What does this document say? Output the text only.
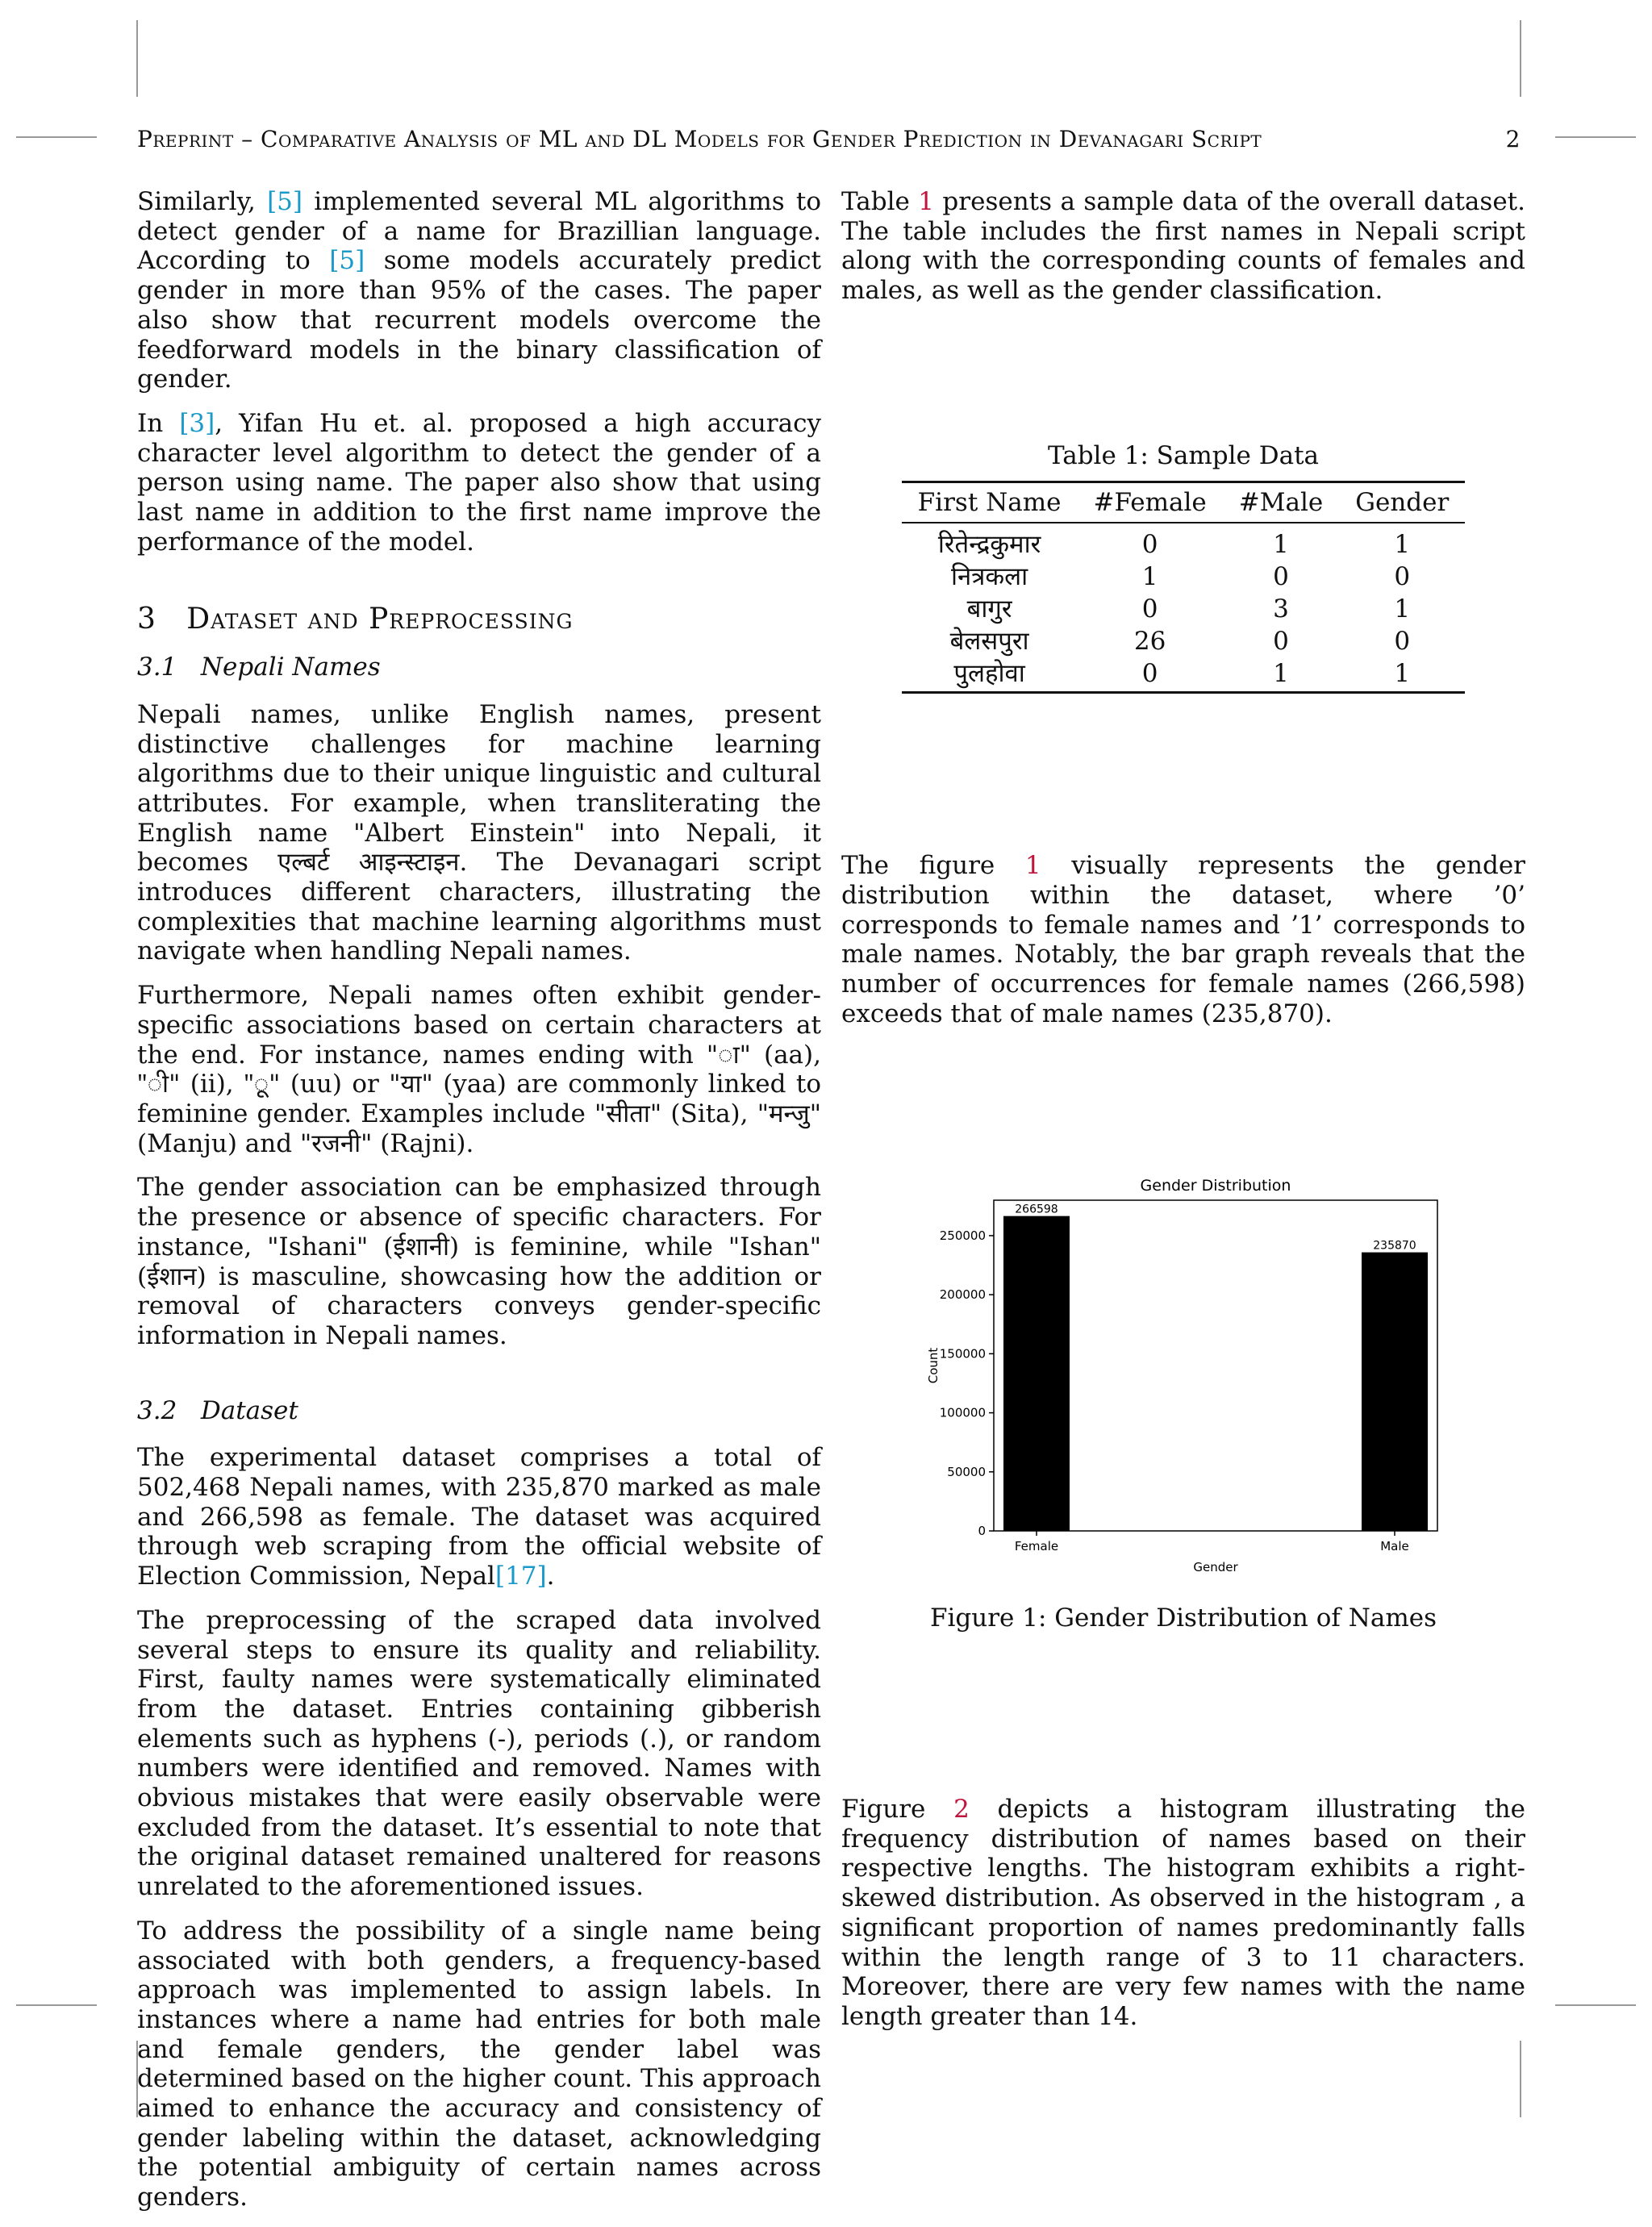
Preprint – Comparative Analysis of ML and DL Models for Gender Prediction in Devanagari Script	2

Similarly, [5] implemented several ML algorithms to detect gender of a name for Brazillian language. According to [5] some models accurately predict gender in more than 95% of the cases. The paper also show that recurrent models overcome the feedforward models in the binary classification of gender.

In [3], Yifan Hu et. al. proposed a high accuracy character level algorithm to detect the gender of a person using name. The paper also show that using last name in addition to the first name improve the performance of the model.

3 Dataset and Preprocessing
3.1 Nepali Names

Nepali names, unlike English names, present distinctive challenges for machine learning algorithms due to their unique linguistic and cultural attributes. For example, when transliterating the English name "Albert Einstein" into Nepali, it becomes एल्बर्ट आइन्स्टाइन. The Devanagari script introduces different characters, illustrating the complexities that machine learning algorithms must navigate when handling Nepali names.

Furthermore, Nepali names often exhibit gender-specific associations based on certain characters at the end. For instance, names ending with "ा" (aa), "ी" (ii), "ू" (uu) or "या" (yaa) are commonly linked to feminine gender. Examples include "सीता" (Sita), "मन्जु" (Manju) and "रजनी" (Rajni).

The gender association can be emphasized through the presence or absence of specific characters. For instance, "Ishani" (ईशानी) is feminine, while "Ishan" (ईशान) is masculine, showcasing how the addition or removal of characters conveys gender-specific information in Nepali names.

3.2 Dataset

The experimental dataset comprises a total of 502,468 Nepali names, with 235,870 marked as male and 266,598 as female. The dataset was acquired through web scraping from the official website of Election Commission, Nepal[17].

The preprocessing of the scraped data involved several steps to ensure its quality and reliability. First, faulty names were systematically eliminated from the dataset. Entries containing gibberish elements such as hyphens (-), periods (.), or random numbers were identified and removed. Names with obvious mistakes that were easily observable were excluded from the dataset. It’s essential to note that the original dataset remained unaltered for reasons unrelated to the aforementioned issues.

To address the possibility of a single name being associated with both genders, a frequency-based approach was implemented to assign labels. In instances where a name had entries for both male and female genders, the gender label was determined based on the higher count. This approach aimed to enhance the accuracy and consistency of gender labeling within the dataset, acknowledging the potential ambiguity of certain names across genders.

Table 1 presents a sample data of the overall dataset. The table includes the first names in Nepali script along with the corresponding counts of females and males, as well as the gender classification.

Table 1: Sample Data
First Name	#Female	#Male	Gender
रितेन्द्रकुमार	0	1	1
नित्रकला	1	0	0
बागुर	0	3	1
बेलसपुरा	26	0	0
पुलहोवा	0	1	1

The figure 1 visually represents the gender distribution within the dataset, where ’0’ corresponds to female names and ’1’ corresponds to male names. Notably, the bar graph reveals that the number of occurrences for female names (266,598) exceeds that of male names (235,870).

Gender Distribution
0
50000
100000
150000
200000
250000
266598
Female
235870
Male
Gender
Count
Figure 1: Gender Distribution of Names

Figure 2 depicts a histogram illustrating the frequency distribution of names based on their respective lengths. The histogram exhibits a right-skewed distribution. As observed in the histogram , a significant proportion of names predominantly falls within the length range of 3 to 11 characters. Moreover, there are very few names with the name length greater than 14.
